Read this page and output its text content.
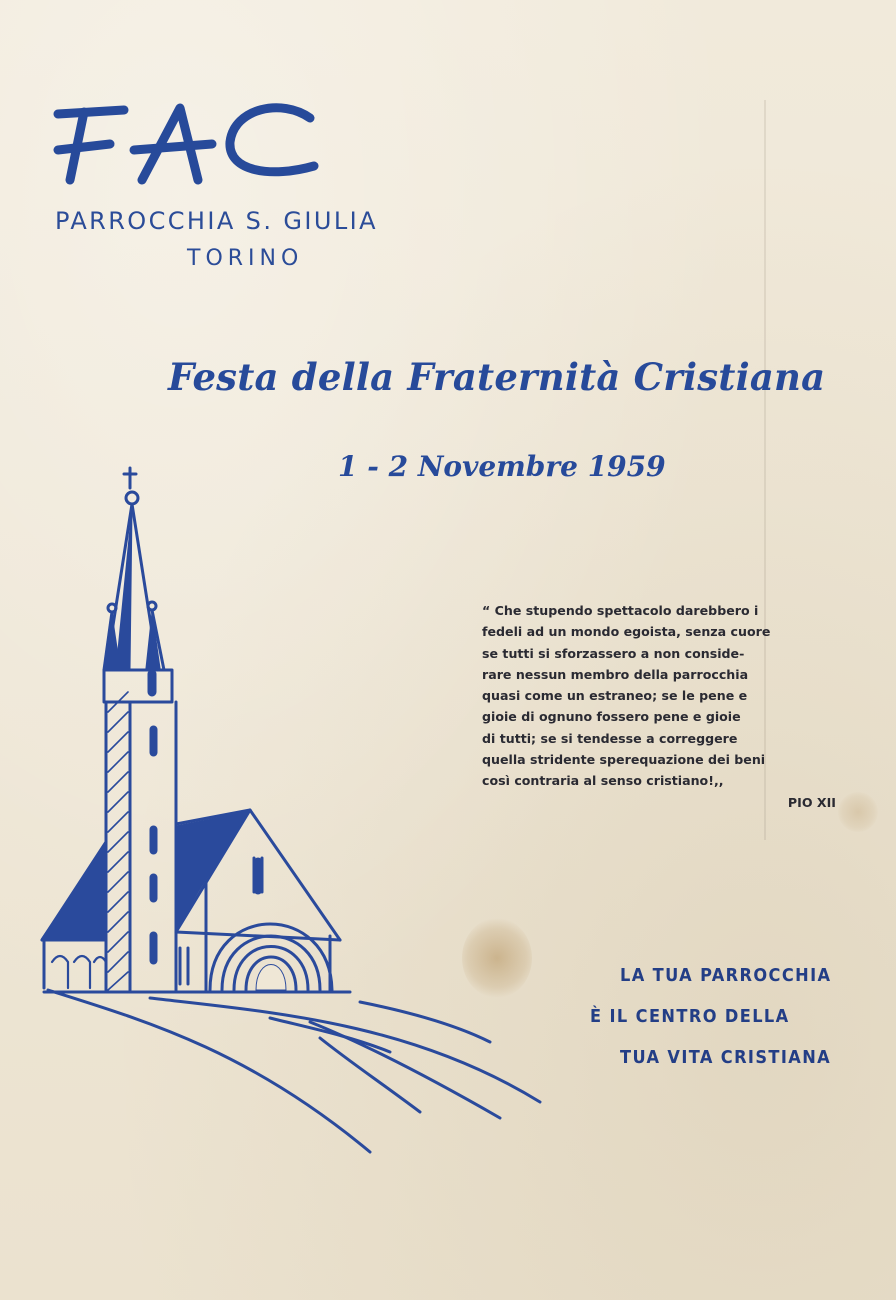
FAC
PARROCCHIA S. GIULIA
TORINO
Festa della Fraternità Cristiana
1 - 2 Novembre 1959
“ Che stupendo spettacolo darebbero i
fedeli ad un mondo egoista, senza cuore
se tutti si sforzassero a non conside-
rare nessun membro della parrocchia
quasi come un estraneo; se le pene e
gioie di ognuno fossero pene e gioie
di tutti; se si tendesse a correggere
quella stridente sperequazione dei beni
così contraria al senso cristiano!,,
PIO XII
LA TUA PARROCCHIA
È IL CENTRO DELLA
TUA VITA CRISTIANA
